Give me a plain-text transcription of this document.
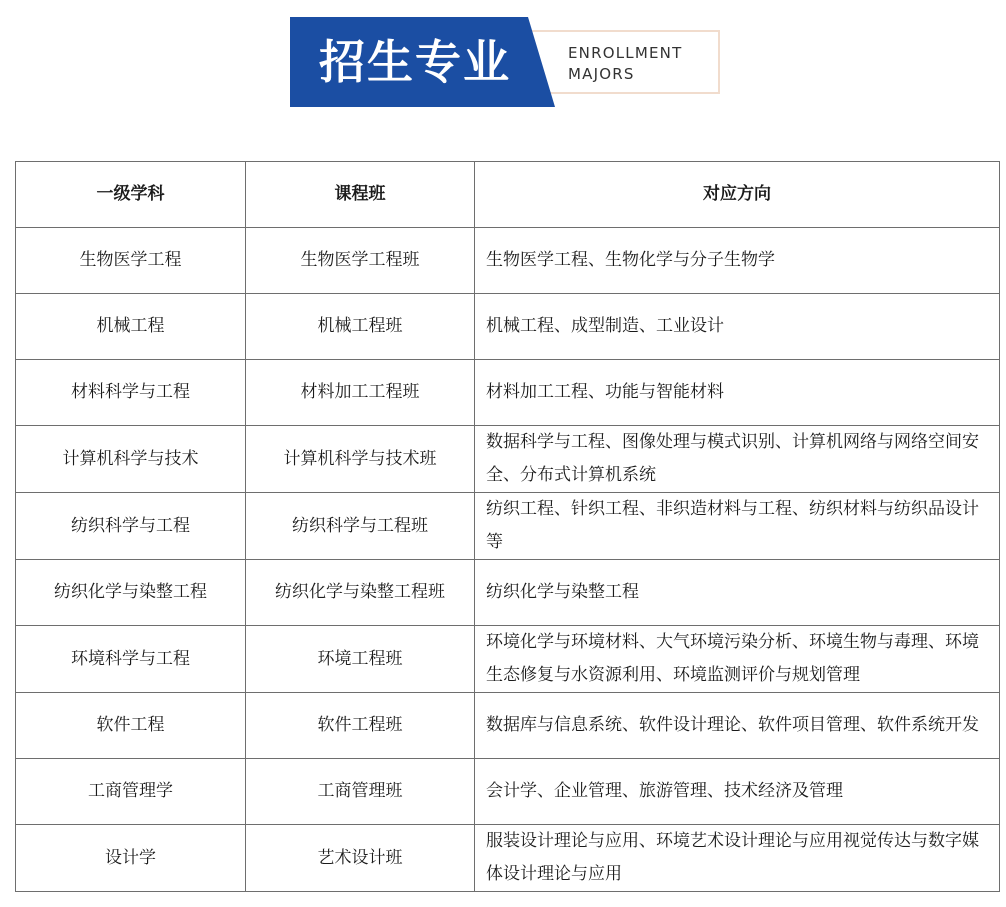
招生专业	ENROLLMENT
MAJORS
一级学科	课程班	对应方向
生物医学工程	生物医学工程班	生物医学工程、生物化学与分子生物学
机械工程	机械工程班	机械工程、成型制造、工业设计
材料科学与工程	材料加工工程班	材料加工工程、功能与智能材料
计算机科学与技术	计算机科学与技术班	数据科学与工程、图像处理与模式识别、计算机网络与网络空间安全、分布式计算机系统
纺织科学与工程	纺织科学与工程班	纺织工程、针织工程、非织造材料与工程、纺织材料与纺织品设计等
纺织化学与染整工程	纺织化学与染整工程班	纺织化学与染整工程
环境科学与工程	环境工程班	环境化学与环境材料、大气环境污染分析、环境生物与毒理、环境生态修复与水资源利用、环境监测评价与规划管理
软件工程	软件工程班	数据库与信息系统、软件设计理论、软件项目管理、软件系统开发
工商管理学	工商管理班	会计学、企业管理、旅游管理、技术经济及管理
设计学	艺术设计班	服装设计理论与应用、环境艺术设计理论与应用视觉传达与数字媒体设计理论与应用
